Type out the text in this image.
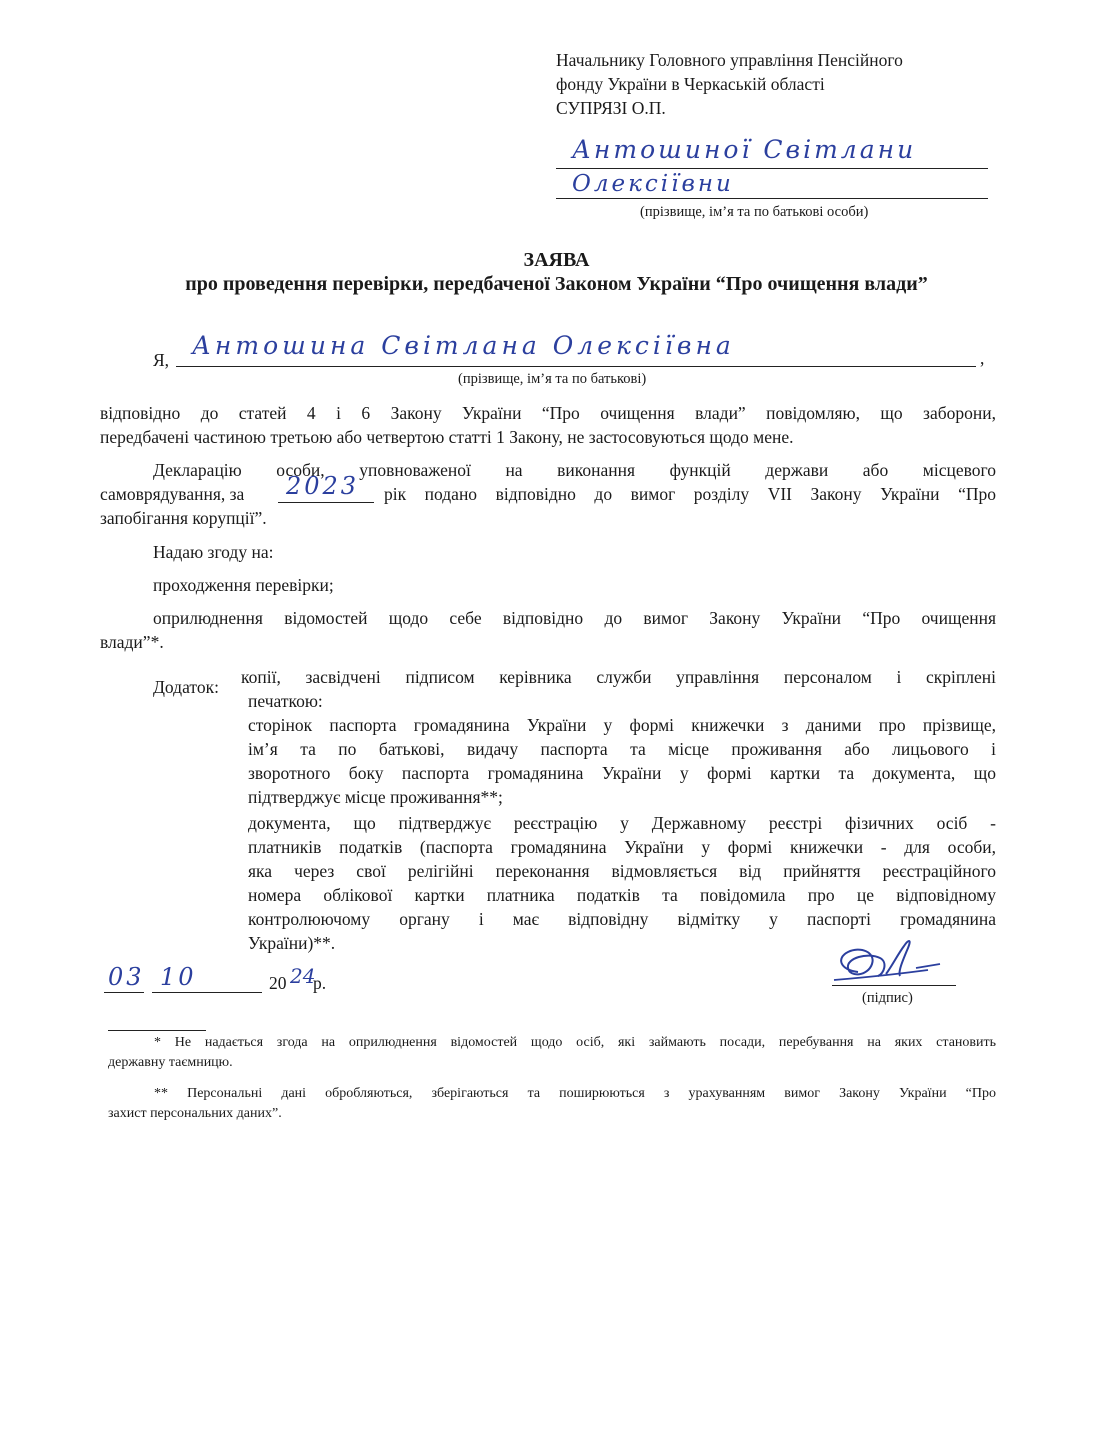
Начальнику Головного управління Пенсійного
фонду України в Черкаській області
СУПРЯЗІ О.П.
Антошиної Світлани
Олексіївни
(прізвище, ім’я та по батькові особи)
ЗАЯВА
про проведення перевірки, передбаченої Законом України “Про очищення влади”
Я, Антошина Світлана Олексіївна	,
(прізвище, ім’я та по батькові)
відповідно до статей 4 і 6 Закону України “Про очищення влади” повідомляю, що заборони,
передбачені частиною третьою або четвертою статті 1 Закону, не застосовуються щодо мене.
Декларацію особи, уповноваженої на виконання функцій держави або місцевого
самоврядування, за 2023 рік подано відповідно до вимог розділу VII Закону України “Про
запобігання корупції”.
Надаю згоду на:
проходження перевірки;
оприлюднення відомостей щодо себе відповідно до вимог Закону України “Про очищення
влади”*.
Додаток: копії, засвідчені підписом керівника служби управління персоналом і скріплені
печаткою:
сторінок паспорта громадянина України у формі книжечки з даними про прізвище,
ім’я та по батькові, видачу паспорта та місце проживання або лицьового і
зворотного боку паспорта громадянина України у формі картки та документа, що
підтверджує місце проживання**;
документа, що підтверджує реєстрацію у Державному реєстрі фізичних осіб -
платників податків (паспорта громадянина України у формі книжечки - для особи,
яка через свої релігійні переконання відмовляється від прийняття реєстраційного
номера облікової картки платника податків та повідомила про це відповідному
контролюючому органу і має відповідну відмітку у паспорті громадянина
України)**.
03 10	20 24
р.
(підпис)
* Не надається згода на оприлюднення відомостей щодо осіб, які займають посади, перебування на яких становить
державну таємницю.
** Персональні дані обробляються, зберігаються та поширюються з урахуванням вимог Закону України “Про
захист персональних даних”.
